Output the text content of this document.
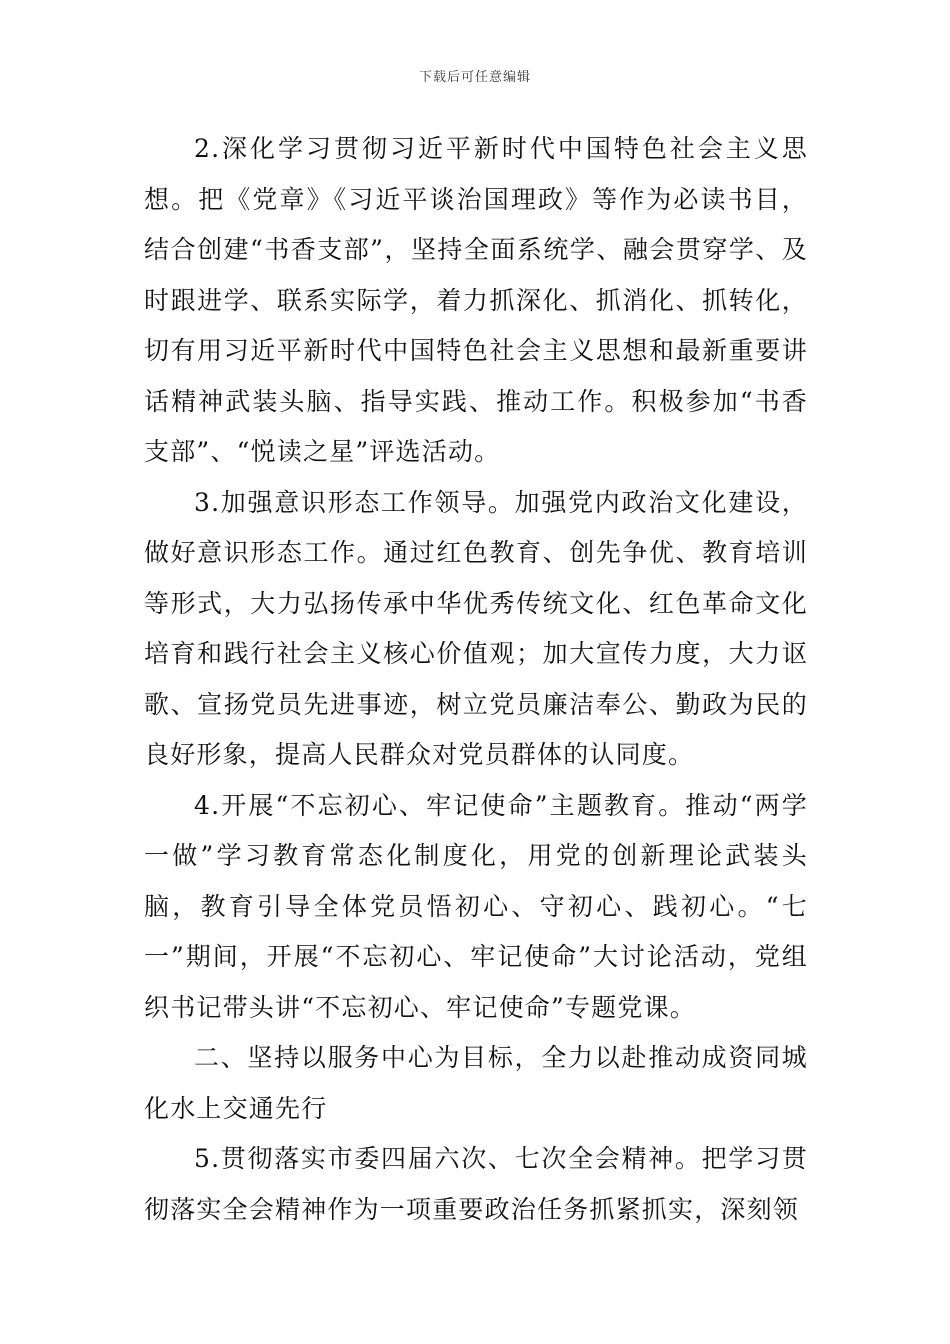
下载后可任意编辑

2.深化学习贯彻习近平新时代中国特色社会主义思想。把《党章》《习近平谈治国理政》等作为必读书目，结合创建“书香支部”，坚持全面系统学、融会贯穿学、及时跟进学、联系实际学，着力抓深化、抓消化、抓转化，切有用习近平新时代中国特色社会主义思想和最新重要讲话精神武装头脑、指导实践、推动工作。积极参加“书香支部”、“悦读之星”评选活动。

3.加强意识形态工作领导。加强党内政治文化建设，做好意识形态工作。通过红色教育、创先争优、教育培训等形式，大力弘扬传承中华优秀传统文化、红色革命文化培育和践行社会主义核心价值观；加大宣传力度，大力讴歌、宣扬党员先进事迹，树立党员廉洁奉公、勤政为民的良好形象，提高人民群众对党员群体的认同度。

4.开展“不忘初心、牢记使命”主题教育。推动“两学一做”学习教育常态化制度化，用党的创新理论武装头脑，教育引导全体党员悟初心、守初心、践初心。“七一”期间，开展“不忘初心、牢记使命”大讨论活动，党组织书记带头讲“不忘初心、牢记使命”专题党课。

二、坚持以服务中心为目标，全力以赴推动成资同城化水上交通先行

5.贯彻落实市委四届六次、七次全会精神。把学习贯彻落实全会精神作为一项重要政治任务抓紧抓实，深刻领
